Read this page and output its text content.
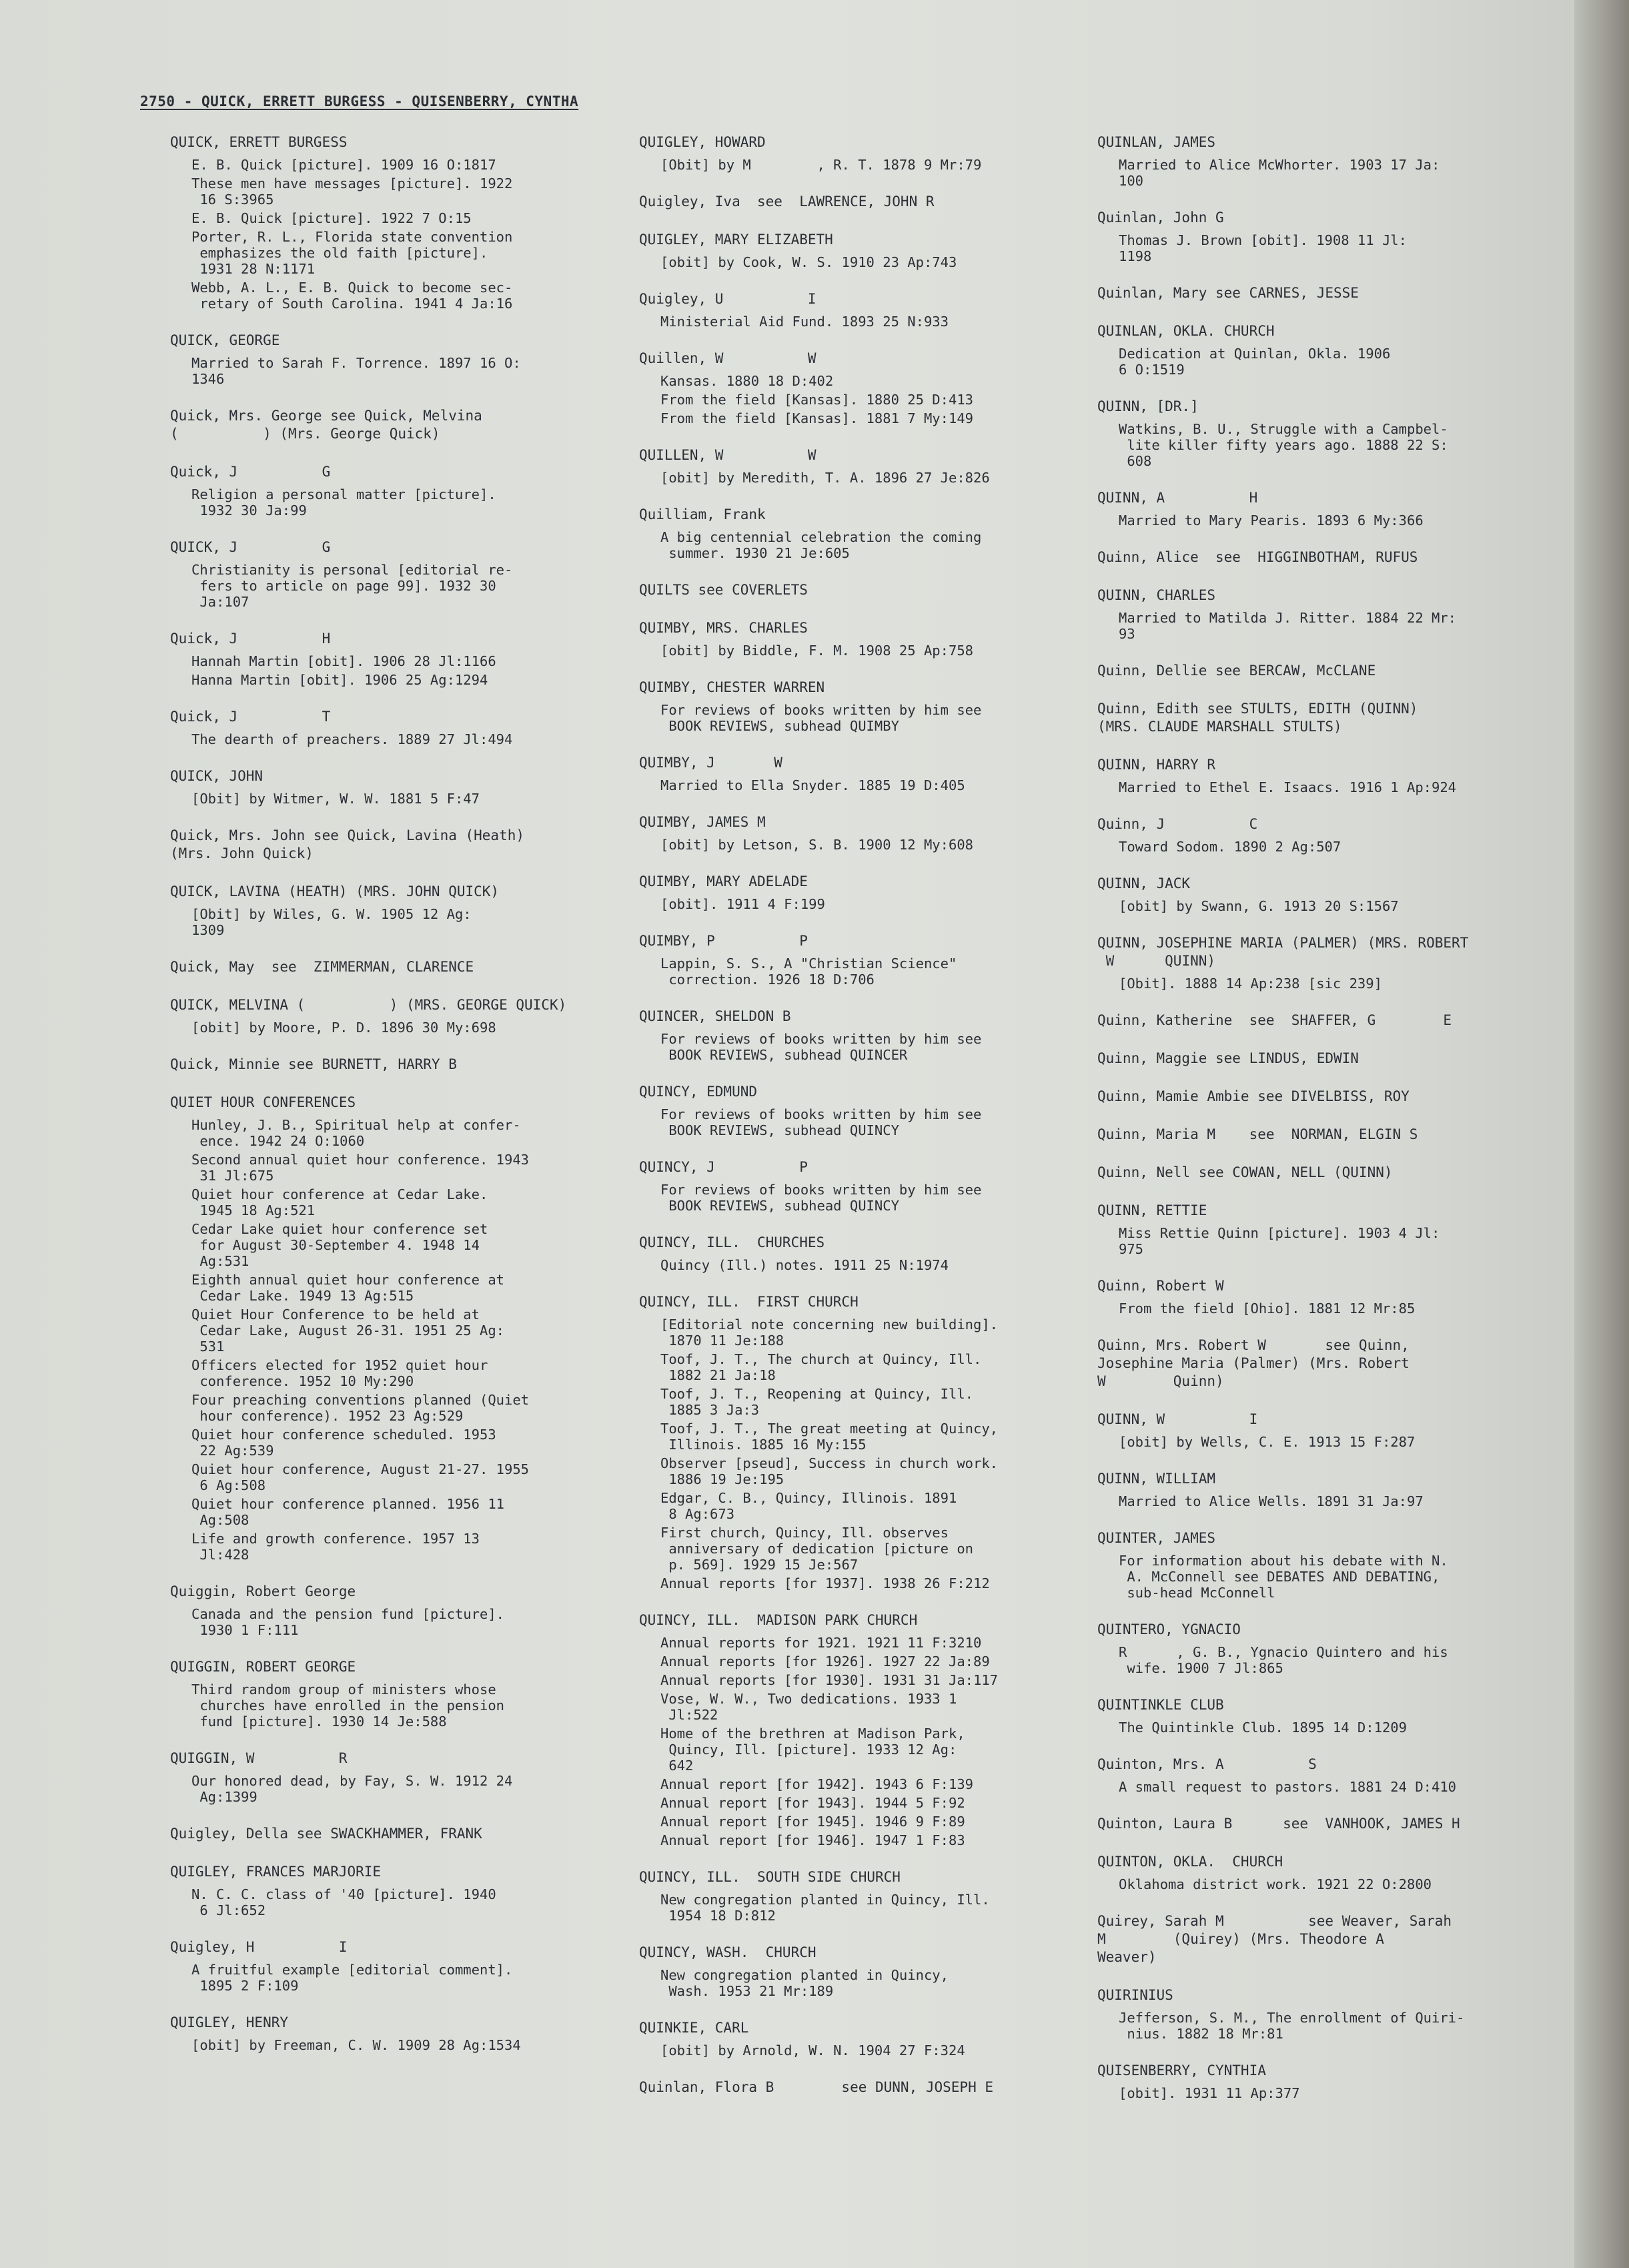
2750 - QUICK, ERRETT BURGESS - QUISENBERRY, CYNTHA
QUICK, ERRETT BURGESS
E. B. Quick [picture]. 1909 16 O:1817
These men have messages [picture]. 1922
16 S:3965
E. B. Quick [picture]. 1922 7 O:15
Porter, R. L., Florida state convention
emphasizes the old faith [picture].
1931 28 N:1171
Webb, A. L., E. B. Quick to become sec-
retary of South Carolina. 1941 4 Ja:16
QUICK, GEORGE
Married to Sarah F. Torrence. 1897 16 O:
1346
Quick, Mrs. George see Quick, Melvina
(          ) (Mrs. George Quick)
Quick, J          G
Religion a personal matter [picture].
1932 30 Ja:99
QUICK, J          G
Christianity is personal [editorial re-
fers to article on page 99]. 1932 30
Ja:107
Quick, J          H
Hannah Martin [obit]. 1906 28 Jl:1166
Hanna Martin [obit]. 1906 25 Ag:1294
Quick, J          T
The dearth of preachers. 1889 27 Jl:494
QUICK, JOHN
[Obit] by Witmer, W. W. 1881 5 F:47
Quick, Mrs. John see Quick, Lavina (Heath)
(Mrs. John Quick)
QUICK, LAVINA (HEATH) (MRS. JOHN QUICK)
[Obit] by Wiles, G. W. 1905 12 Ag:
1309
Quick, May  see  ZIMMERMAN, CLARENCE
QUICK, MELVINA (          ) (MRS. GEORGE QUICK)
[obit] by Moore, P. D. 1896 30 My:698
Quick, Minnie see BURNETT, HARRY B
QUIET HOUR CONFERENCES
Hunley, J. B., Spiritual help at confer-
ence. 1942 24 O:1060
Second annual quiet hour conference. 1943
31 Jl:675
Quiet hour conference at Cedar Lake.
1945 18 Ag:521
Cedar Lake quiet hour conference set
for August 30-September 4. 1948 14
Ag:531
Eighth annual quiet hour conference at
Cedar Lake. 1949 13 Ag:515
Quiet Hour Conference to be held at
Cedar Lake, August 26-31. 1951 25 Ag:
531
Officers elected for 1952 quiet hour
conference. 1952 10 My:290
Four preaching conventions planned (Quiet
hour conference). 1952 23 Ag:529
Quiet hour conference scheduled. 1953
22 Ag:539
Quiet hour conference, August 21-27. 1955
6 Ag:508
Quiet hour conference planned. 1956 11
Ag:508
Life and growth conference. 1957 13
Jl:428
Quiggin, Robert George
Canada and the pension fund [picture].
1930 1 F:111
QUIGGIN, ROBERT GEORGE
Third random group of ministers whose
churches have enrolled in the pension
fund [picture]. 1930 14 Je:588
QUIGGIN, W          R
Our honored dead, by Fay, S. W. 1912 24
Ag:1399
Quigley, Della see SWACKHAMMER, FRANK
QUIGLEY, FRANCES MARJORIE
N. C. C. class of '40 [picture]. 1940
6 Jl:652
Quigley, H          I
A fruitful example [editorial comment].
1895 2 F:109
QUIGLEY, HENRY
[obit] by Freeman, C. W. 1909 28 Ag:1534
QUIGLEY, HOWARD
[Obit] by M        , R. T. 1878 9 Mr:79
Quigley, Iva  see  LAWRENCE, JOHN R
QUIGLEY, MARY ELIZABETH
[obit] by Cook, W. S. 1910 23 Ap:743
Quigley, U          I
Ministerial Aid Fund. 1893 25 N:933
Quillen, W          W
Kansas. 1880 18 D:402
From the field [Kansas]. 1880 25 D:413
From the field [Kansas]. 1881 7 My:149
QUILLEN, W          W
[obit] by Meredith, T. A. 1896 27 Je:826
Quilliam, Frank
A big centennial celebration the coming
summer. 1930 21 Je:605
QUILTS see COVERLETS
QUIMBY, MRS. CHARLES
[obit] by Biddle, F. M. 1908 25 Ap:758
QUIMBY, CHESTER WARREN
For reviews of books written by him see
BOOK REVIEWS, subhead QUIMBY
QUIMBY, J       W
Married to Ella Snyder. 1885 19 D:405
QUIMBY, JAMES M
[obit] by Letson, S. B. 1900 12 My:608
QUIMBY, MARY ADELADE
[obit]. 1911 4 F:199
QUIMBY, P          P
Lappin, S. S., A "Christian Science"
correction. 1926 18 D:706
QUINCER, SHELDON B
For reviews of books written by him see
BOOK REVIEWS, subhead QUINCER
QUINCY, EDMUND
For reviews of books written by him see
BOOK REVIEWS, subhead QUINCY
QUINCY, J          P
For reviews of books written by him see
BOOK REVIEWS, subhead QUINCY
QUINCY, ILL.  CHURCHES
Quincy (Ill.) notes. 1911 25 N:1974
QUINCY, ILL.  FIRST CHURCH
[Editorial note concerning new building].
1870 11 Je:188
Toof, J. T., The church at Quincy, Ill.
1882 21 Ja:18
Toof, J. T., Reopening at Quincy, Ill.
1885 3 Ja:3
Toof, J. T., The great meeting at Quincy,
Illinois. 1885 16 My:155
Observer [pseud], Success in church work.
1886 19 Je:195
Edgar, C. B., Quincy, Illinois. 1891
8 Ag:673
First church, Quincy, Ill. observes
anniversary of dedication [picture on
p. 569]. 1929 15 Je:567
Annual reports [for 1937]. 1938 26 F:212
QUINCY, ILL.  MADISON PARK CHURCH
Annual reports for 1921. 1921 11 F:3210
Annual reports [for 1926]. 1927 22 Ja:89
Annual reports [for 1930]. 1931 31 Ja:117
Vose, W. W., Two dedications. 1933 1
Jl:522
Home of the brethren at Madison Park,
Quincy, Ill. [picture]. 1933 12 Ag:
642
Annual report [for 1942]. 1943 6 F:139
Annual report [for 1943]. 1944 5 F:92
Annual report [for 1945]. 1946 9 F:89
Annual report [for 1946]. 1947 1 F:83
QUINCY, ILL.  SOUTH SIDE CHURCH
New congregation planted in Quincy, Ill.
1954 18 D:812
QUINCY, WASH.  CHURCH
New congregation planted in Quincy,
Wash. 1953 21 Mr:189
QUINKIE, CARL
[obit] by Arnold, W. N. 1904 27 F:324
Quinlan, Flora B        see DUNN, JOSEPH E
QUINLAN, JAMES
Married to Alice McWhorter. 1903 17 Ja:
100
Quinlan, John G
Thomas J. Brown [obit]. 1908 11 Jl:
1198
Quinlan, Mary see CARNES, JESSE
QUINLAN, OKLA. CHURCH
Dedication at Quinlan, Okla. 1906
6 O:1519
QUINN, [DR.]
Watkins, B. U., Struggle with a Campbel-
lite killer fifty years ago. 1888 22 S:
608
QUINN, A          H
Married to Mary Pearis. 1893 6 My:366
Quinn, Alice  see  HIGGINBOTHAM, RUFUS
QUINN, CHARLES
Married to Matilda J. Ritter. 1884 22 Mr:
93
Quinn, Dellie see BERCAW, McCLANE
Quinn, Edith see STULTS, EDITH (QUINN)
(MRS. CLAUDE MARSHALL STULTS)
QUINN, HARRY R
Married to Ethel E. Isaacs. 1916 1 Ap:924
Quinn, J          C
Toward Sodom. 1890 2 Ag:507
QUINN, JACK
[obit] by Swann, G. 1913 20 S:1567
QUINN, JOSEPHINE MARIA (PALMER) (MRS. ROBERT
W      QUINN)
[Obit]. 1888 14 Ap:238 [sic 239]
Quinn, Katherine  see  SHAFFER, G        E
Quinn, Maggie see LINDUS, EDWIN
Quinn, Mamie Ambie see DIVELBISS, ROY
Quinn, Maria M    see  NORMAN, ELGIN S
Quinn, Nell see COWAN, NELL (QUINN)
QUINN, RETTIE
Miss Rettie Quinn [picture]. 1903 4 Jl:
975
Quinn, Robert W
From the field [Ohio]. 1881 12 Mr:85
Quinn, Mrs. Robert W       see Quinn,
Josephine Maria (Palmer) (Mrs. Robert
W        Quinn)
QUINN, W          I
[obit] by Wells, C. E. 1913 15 F:287
QUINN, WILLIAM
Married to Alice Wells. 1891 31 Ja:97
QUINTER, JAMES
For information about his debate with N.
A. McConnell see DEBATES AND DEBATING,
sub-head McConnell
QUINTERO, YGNACIO
R      , G. B., Ygnacio Quintero and his
wife. 1900 7 Jl:865
QUINTINKLE CLUB
The Quintinkle Club. 1895 14 D:1209
Quinton, Mrs. A          S
A small request to pastors. 1881 24 D:410
Quinton, Laura B      see  VANHOOK, JAMES H
QUINTON, OKLA.  CHURCH
Oklahoma district work. 1921 22 O:2800
Quirey, Sarah M          see Weaver, Sarah
M        (Quirey) (Mrs. Theodore A
Weaver)
QUIRINIUS
Jefferson, S. M., The enrollment of Quiri-
nius. 1882 18 Mr:81
QUISENBERRY, CYNTHIA
[obit]. 1931 11 Ap:377
